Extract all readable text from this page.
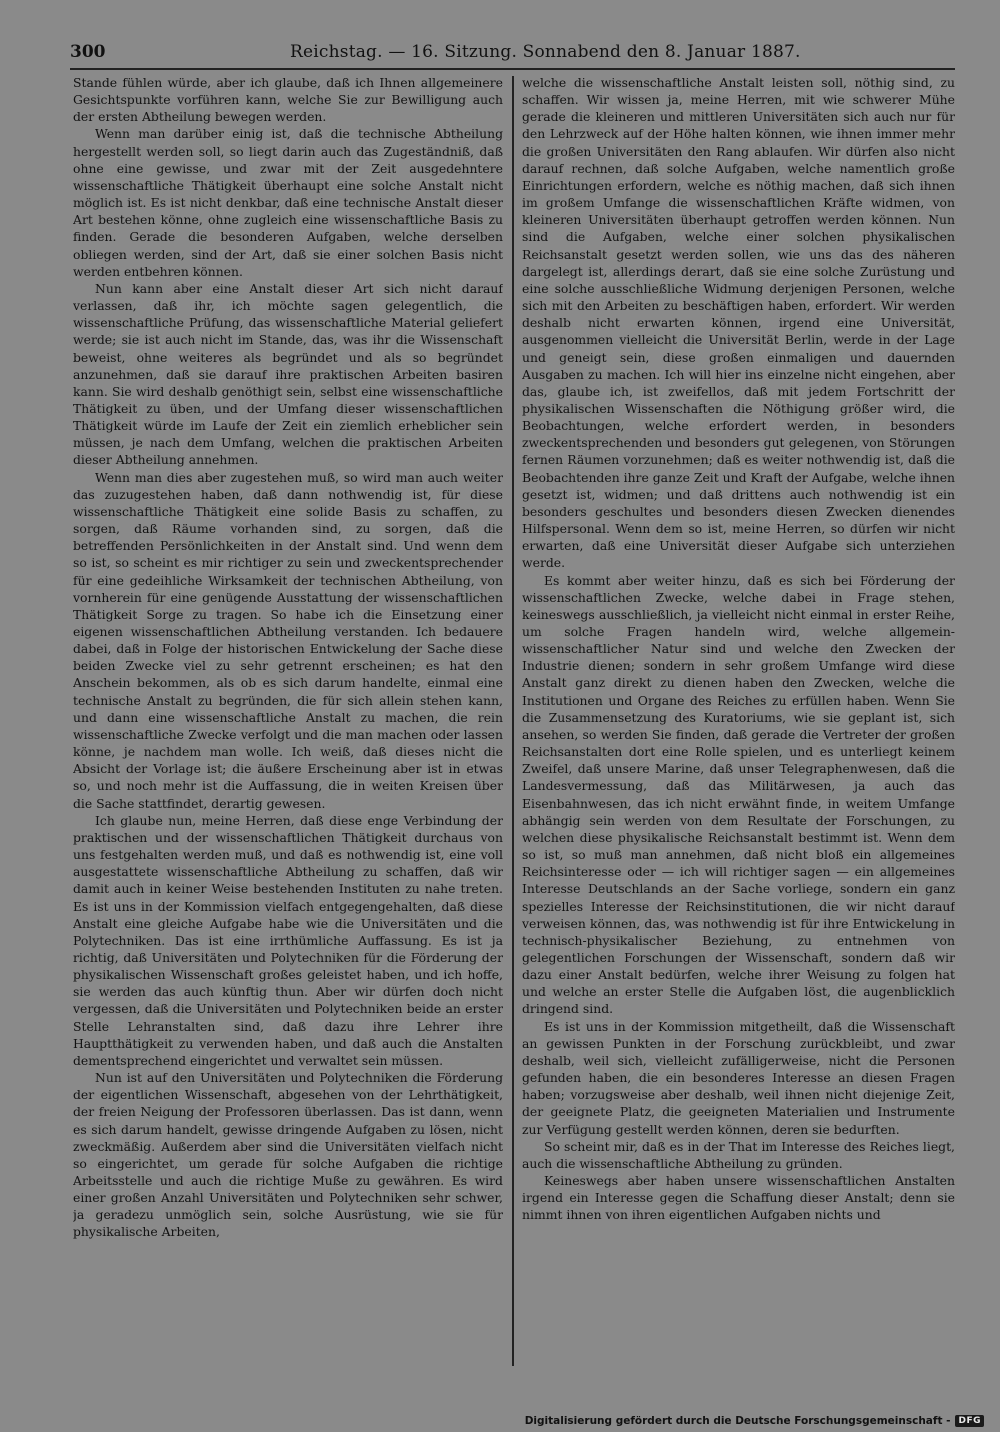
300	Reichstag. — 16. Sitzung. Sonnabend den 8. Januar 1887.

Stande fühlen würde, aber ich glaube, daß ich Ihnen allgemeinere Gesichtspunkte vorführen kann, welche Sie zur Bewilligung auch der ersten Abtheilung bewegen werden.

Wenn man darüber einig ist, daß die technische Abtheilung hergestellt werden soll, so liegt darin auch das Zugeständniß, daß ohne eine gewisse, und zwar mit der Zeit ausgedehntere wissenschaftliche Thätigkeit überhaupt eine solche Anstalt nicht möglich ist. Es ist nicht denkbar, daß eine technische Anstalt dieser Art bestehen könne, ohne zugleich eine wissenschaftliche Basis zu finden. Gerade die besonderen Aufgaben, welche derselben obliegen werden, sind der Art, daß sie einer solchen Basis nicht werden entbehren können.

Nun kann aber eine Anstalt dieser Art sich nicht darauf verlassen, daß ihr, ich möchte sagen gelegentlich, die wissenschaftliche Prüfung, das wissenschaftliche Material geliefert werde; sie ist auch nicht im Stande, das, was ihr die Wissenschaft beweist, ohne weiteres als begründet und als so begründet anzunehmen, daß sie darauf ihre praktischen Arbeiten basiren kann. Sie wird deshalb genöthigt sein, selbst eine wissenschaftliche Thätigkeit zu üben, und der Umfang dieser wissenschaftlichen Thätigkeit würde im Laufe der Zeit ein ziemlich erheblicher sein müssen, je nach dem Umfang, welchen die praktischen Arbeiten dieser Abtheilung annehmen.

Wenn man dies aber zugestehen muß, so wird man auch weiter das zuzugestehen haben, daß dann nothwendig ist, für diese wissenschaftliche Thätigkeit eine solide Basis zu schaffen, zu sorgen, daß Räume vorhanden sind, zu sorgen, daß die betreffenden Persönlichkeiten in der Anstalt sind. Und wenn dem so ist, so scheint es mir richtiger zu sein und zweckentsprechender für eine gedeihliche Wirksamkeit der technischen Abtheilung, von vornherein für eine genügende Ausstattung der wissenschaftlichen Thätigkeit Sorge zu tragen. So habe ich die Einsetzung einer eigenen wissenschaftlichen Abtheilung verstanden. Ich bedauere dabei, daß in Folge der historischen Entwickelung der Sache diese beiden Zwecke viel zu sehr getrennt erscheinen; es hat den Anschein bekommen, als ob es sich darum handelte, einmal eine technische Anstalt zu begründen, die für sich allein stehen kann, und dann eine wissenschaftliche Anstalt zu machen, die rein wissenschaftliche Zwecke verfolgt und die man machen oder lassen könne, je nachdem man wolle. Ich weiß, daß dieses nicht die Absicht der Vorlage ist; die äußere Erscheinung aber ist in etwas so, und noch mehr ist die Auffassung, die in weiten Kreisen über die Sache stattfindet, derartig gewesen.

Ich glaube nun, meine Herren, daß diese enge Verbindung der praktischen und der wissenschaftlichen Thätigkeit durchaus von uns festgehalten werden muß, und daß es nothwendig ist, eine voll ausgestattete wissenschaftliche Abtheilung zu schaffen, daß wir damit auch in keiner Weise bestehenden Instituten zu nahe treten. Es ist uns in der Kommission vielfach entgegengehalten, daß diese Anstalt eine gleiche Aufgabe habe wie die Universitäten und die Polytechniken. Das ist eine irrthümliche Auffassung. Es ist ja richtig, daß Universitäten und Polytechniken für die Förderung der physikalischen Wissenschaft großes geleistet haben, und ich hoffe, sie werden das auch künftig thun. Aber wir dürfen doch nicht vergessen, daß die Universitäten und Polytechniken beide an erster Stelle Lehranstalten sind, daß dazu ihre Lehrer ihre Hauptthätigkeit zu verwenden haben, und daß auch die Anstalten dementsprechend eingerichtet und verwaltet sein müssen.

Nun ist auf den Universitäten und Polytechniken die Förderung der eigentlichen Wissenschaft, abgesehen von der Lehrthätigkeit, der freien Neigung der Professoren überlassen. Das ist dann, wenn es sich darum handelt, gewisse dringende Aufgaben zu lösen, nicht zweckmäßig. Außerdem aber sind die Universitäten vielfach nicht so eingerichtet, um gerade für solche Aufgaben die richtige Arbeitsstelle und auch die richtige Muße zu gewähren. Es wird einer großen Anzahl Universitäten und Polytechniken sehr schwer, ja geradezu unmöglich sein, solche Ausrüstung, wie sie für physikalische Arbeiten,

welche die wissenschaftliche Anstalt leisten soll, nöthig sind, zu schaffen. Wir wissen ja, meine Herren, mit wie schwerer Mühe gerade die kleineren und mittleren Universitäten sich auch nur für den Lehrzweck auf der Höhe halten können, wie ihnen immer mehr die großen Universitäten den Rang ablaufen. Wir dürfen also nicht darauf rechnen, daß solche Aufgaben, welche namentlich große Einrichtungen erfordern, welche es nöthig machen, daß sich ihnen im großem Umfange die wissenschaftlichen Kräfte widmen, von kleineren Universitäten überhaupt getroffen werden können. Nun sind die Aufgaben, welche einer solchen physikalischen Reichsanstalt gesetzt werden sollen, wie uns das des näheren dargelegt ist, allerdings derart, daß sie eine solche Zurüstung und eine solche ausschließliche Widmung derjenigen Personen, welche sich mit den Arbeiten zu beschäftigen haben, erfordert. Wir werden deshalb nicht erwarten können, irgend eine Universität, ausgenommen vielleicht die Universität Berlin, werde in der Lage und geneigt sein, diese großen einmaligen und dauernden Ausgaben zu machen. Ich will hier ins einzelne nicht eingehen, aber das, glaube ich, ist zweifellos, daß mit jedem Fortschritt der physikalischen Wissenschaften die Nöthigung größer wird, die Beobachtungen, welche erfordert werden, in besonders zweckentsprechenden und besonders gut gelegenen, von Störungen fernen Räumen vorzunehmen; daß es weiter nothwendig ist, daß die Beobachtenden ihre ganze Zeit und Kraft der Aufgabe, welche ihnen gesetzt ist, widmen; und daß drittens auch nothwendig ist ein besonders geschultes und besonders diesen Zwecken dienendes Hilfspersonal. Wenn dem so ist, meine Herren, so dürfen wir nicht erwarten, daß eine Universität dieser Aufgabe sich unterziehen werde.

Es kommt aber weiter hinzu, daß es sich bei Förderung der wissenschaftlichen Zwecke, welche dabei in Frage stehen, keineswegs ausschließlich, ja vielleicht nicht einmal in erster Reihe, um solche Fragen handeln wird, welche allgemein-wissenschaftlicher Natur sind und welche den Zwecken der Industrie dienen; sondern in sehr großem Umfange wird diese Anstalt ganz direkt zu dienen haben den Zwecken, welche die Institutionen und Organe des Reiches zu erfüllen haben. Wenn Sie die Zusammensetzung des Kuratoriums, wie sie geplant ist, sich ansehen, so werden Sie finden, daß gerade die Vertreter der großen Reichsanstalten dort eine Rolle spielen, und es unterliegt keinem Zweifel, daß unsere Marine, daß unser Telegraphenwesen, daß die Landesvermessung, daß das Militärwesen, ja auch das Eisenbahnwesen, das ich nicht erwähnt finde, in weitem Umfange abhängig sein werden von dem Resultate der Forschungen, zu welchen diese physikalische Reichsanstalt bestimmt ist. Wenn dem so ist, so muß man annehmen, daß nicht bloß ein allgemeines Reichsinteresse oder — ich will richtiger sagen — ein allgemeines Interesse Deutschlands an der Sache vorliege, sondern ein ganz spezielles Interesse der Reichsinstitutionen, die wir nicht darauf verweisen können, das, was nothwendig ist für ihre Entwickelung in technisch-physikalischer Beziehung, zu entnehmen von gelegentlichen Forschungen der Wissenschaft, sondern daß wir dazu einer Anstalt bedürfen, welche ihrer Weisung zu folgen hat und welche an erster Stelle die Aufgaben löst, die augenblicklich dringend sind.

Es ist uns in der Kommission mitgetheilt, daß die Wissenschaft an gewissen Punkten in der Forschung zurückbleibt, und zwar deshalb, weil sich, vielleicht zufälligerweise, nicht die Personen gefunden haben, die ein besonderes Interesse an diesen Fragen haben; vorzugsweise aber deshalb, weil ihnen nicht diejenige Zeit, der geeignete Platz, die geeigneten Materialien und Instrumente zur Verfügung gestellt werden können, deren sie bedurften.

So scheint mir, daß es in der That im Interesse des Reiches liegt, auch die wissenschaftliche Abtheilung zu gründen.

Keineswegs aber haben unsere wissenschaftlichen Anstalten irgend ein Interesse gegen die Schaffung dieser Anstalt; denn sie nimmt ihnen von ihren eigentlichen Aufgaben nichts und

Digitalisierung gefördert durch die Deutsche Forschungsgemeinschaft - DFG
